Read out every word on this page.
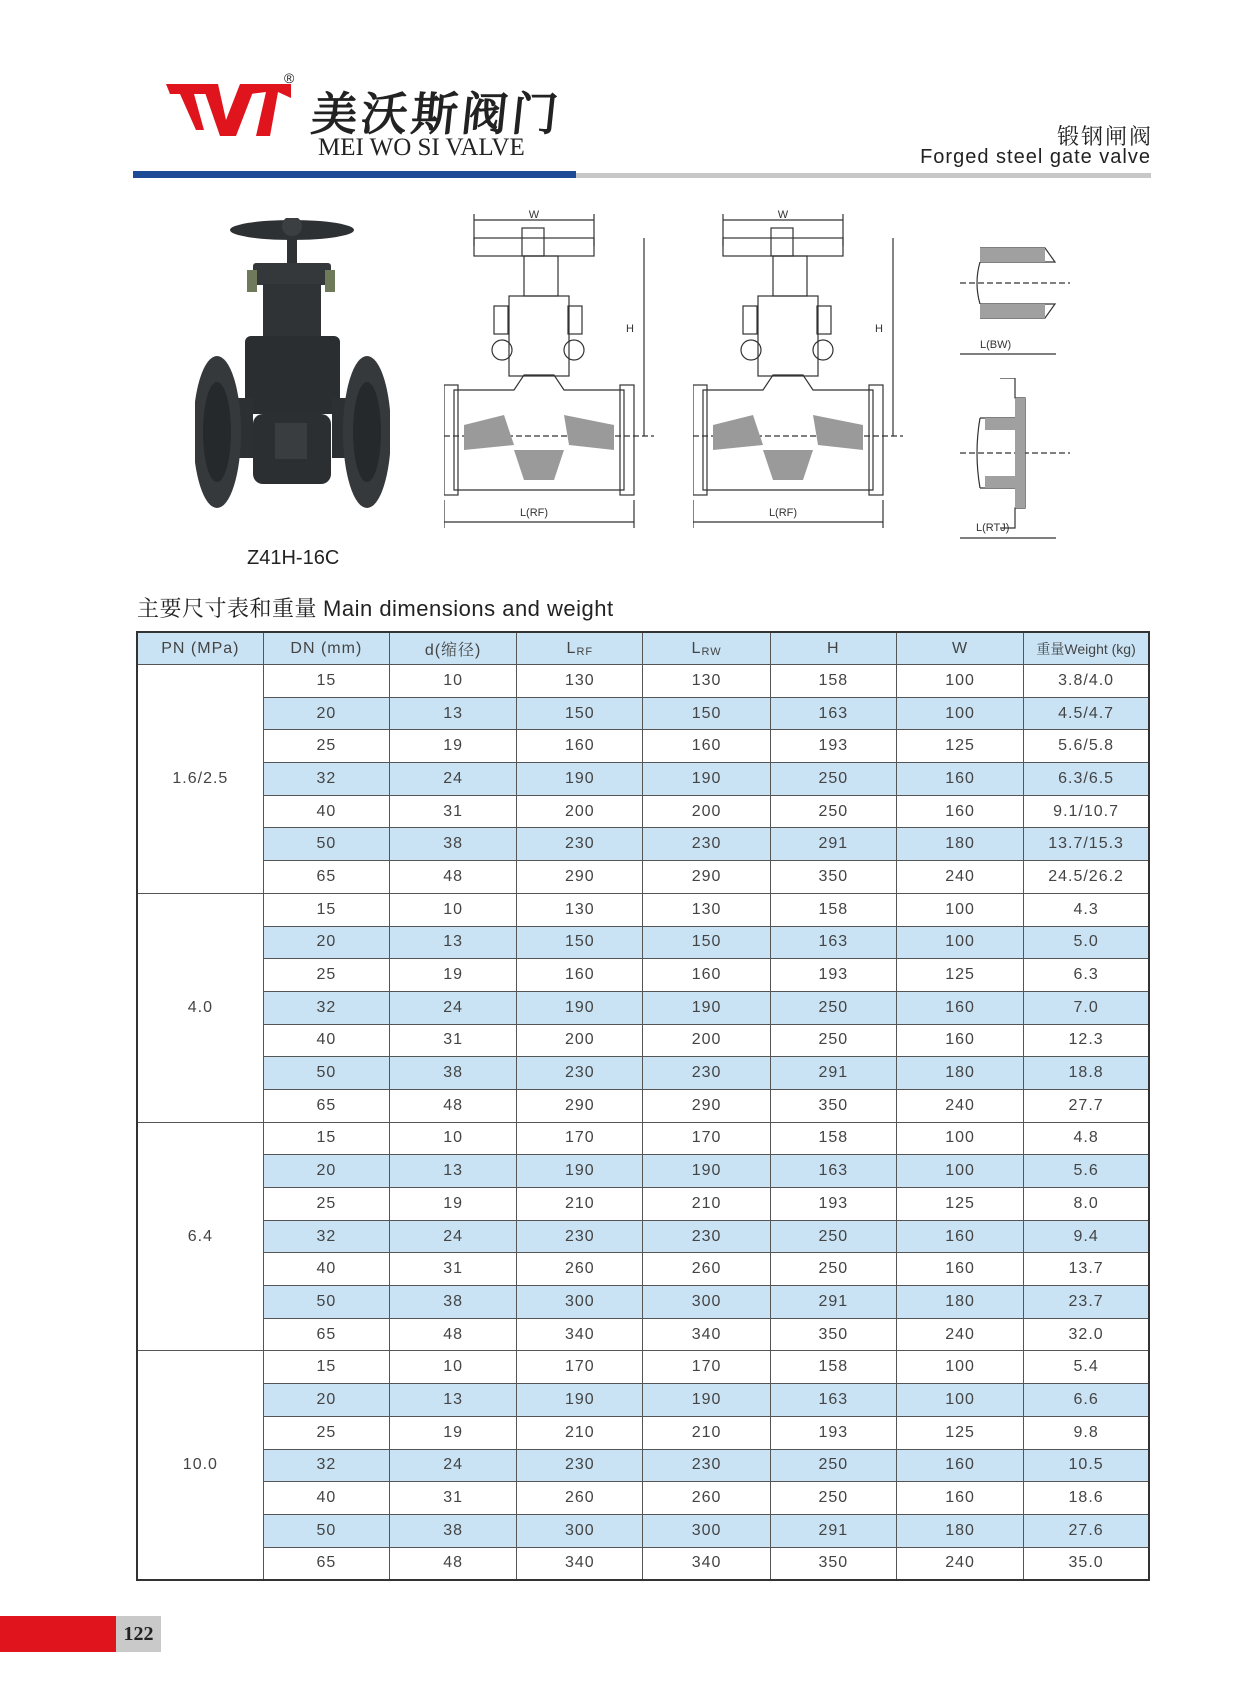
®
美沃斯阀门
MEI WO SI VALVE	锻钢闸阀
Forged steel gate valve
Z41H-16C
W
H
L(RF)
W
H
L(RF)
L(BW)
L(RTJ)
主要尺寸表和重量 Main dimensions and weight
PN (MPa)	DN (mm)	d(缩径)	LRF	LRW	H	W	重量Weight (kg)
1.6/2.5	15	10	130	130	158	100	3.8/4.0
	20	13	150	150	163	100	4.5/4.7
	25	19	160	160	193	125	5.6/5.8
	32	24	190	190	250	160	6.3/6.5
	40	31	200	200	250	160	9.1/10.7
	50	38	230	230	291	180	13.7/15.3
	65	48	290	290	350	240	24.5/26.2
4.0	15	10	130	130	158	100	4.3
	20	13	150	150	163	100	5.0
	25	19	160	160	193	125	6.3
	32	24	190	190	250	160	7.0
	40	31	200	200	250	160	12.3
	50	38	230	230	291	180	18.8
	65	48	290	290	350	240	27.7
6.4	15	10	170	170	158	100	4.8
	20	13	190	190	163	100	5.6
	25	19	210	210	193	125	8.0
	32	24	230	230	250	160	9.4
	40	31	260	260	250	160	13.7
	50	38	300	300	291	180	23.7
	65	48	340	340	350	240	32.0
10.0	15	10	170	170	158	100	5.4
	20	13	190	190	163	100	6.6
	25	19	210	210	193	125	9.8
	32	24	230	230	250	160	10.5
	40	31	260	260	250	160	18.6
	50	38	300	300	291	180	27.6
	65	48	340	340	350	240	35.0
122
